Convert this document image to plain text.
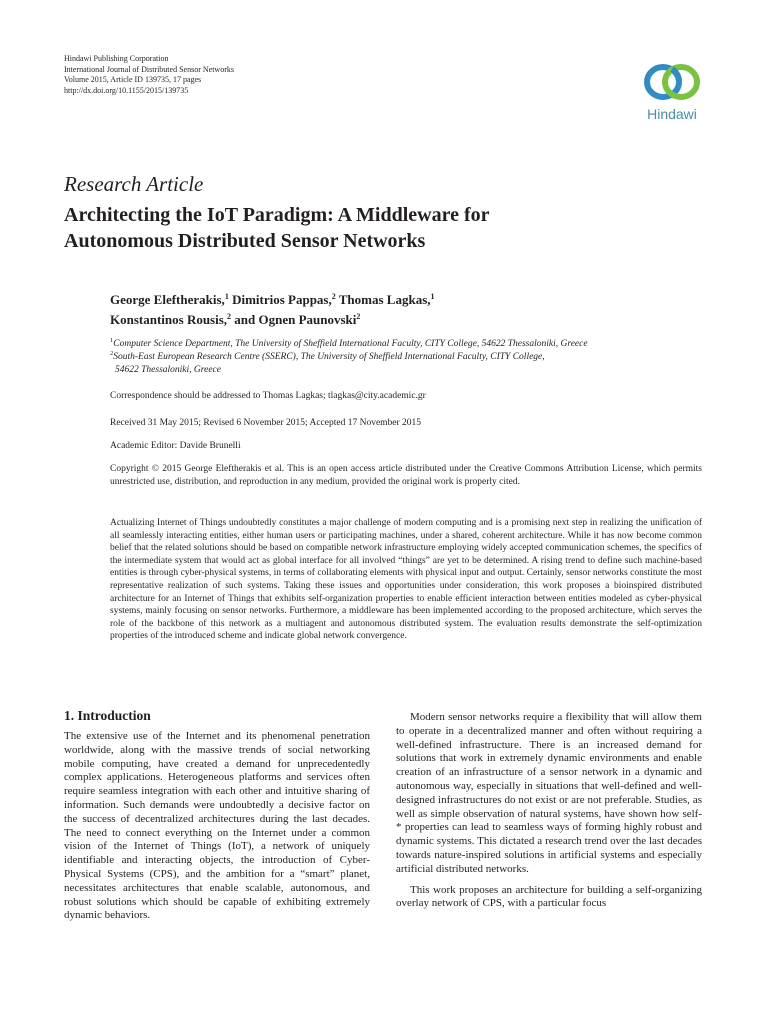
Hindawi Publishing Corporation
International Journal of Distributed Sensor Networks
Volume 2015, Article ID 139735, 17 pages
http://dx.doi.org/10.1155/2015/139735
Hindawi
Research Article
Architecting the IoT Paradigm: A Middleware for
Autonomous Distributed Sensor Networks
George Eleftherakis,$^1$ Dimitrios Pappas,$^2$ Thomas Lagkas,$^1$
Konstantinos Rousis,$^2$ and Ognen Paunovski$^2$
$^1$Computer Science Department, The University of Sheffield International Faculty, CITY College, 54622 Thessaloniki, Greece
$^2$South-East European Research Centre (SSERC), The University of Sheffield International Faculty, CITY College,
54622 Thessaloniki, Greece
Correspondence should be addressed to Thomas Lagkas; tlagkas@city.academic.gr
Received 31 May 2015; Revised 6 November 2015; Accepted 17 November 2015
Academic Editor: Davide Brunelli
Copyright © 2015 George Eleftherakis et al. This is an open access article distributed under the Creative Commons Attribution License, which permits unrestricted use, distribution, and reproduction in any medium, provided the original work is properly cited.
Actualizing Internet of Things undoubtedly constitutes a major challenge of modern computing and is a promising next step in realizing the unification of all seamlessly interacting entities, either human users or participating machines, under a shared, coherent architecture. While it has now become common belief that the related solutions should be based on compatible network infrastructure employing widely accepted communication schemes, the specifics of the intermediate system that would act as global interface for all involved “things” are yet to be determined. A rising trend to define such machine-based entities is through cyber-physical systems, in terms of collaborating elements with physical input and output. Certainly, sensor networks constitute the most representative realization of such systems. Taking these issues and opportunities under consideration, this work proposes a bioinspired distributed architecture for an Internet of Things that exhibits self-organization properties to enable efficient interaction between entities modeled as cyber-physical systems, mainly focusing on sensor networks. Furthermore, a middleware has been implemented according to the proposed architecture, which serves the role of the backbone of this network as a multiagent and autonomous distributed system. The evaluation results demonstrate the self-optimization properties of the introduced scheme and indicate global network convergence.
1. Introduction

The extensive use of the Internet and its phenomenal penetration worldwide, along with the massive trends of social networking mobile computing, have created a demand for unprecedentedly complex applications. Heterogeneous platforms and services often require seamless integration with each other and intuitive sharing of information. Such demands were undoubtedly a decisive factor on the success of decentralized architectures during the last decades. The need to connect everything on the Internet under a common vision of the Internet of Things (IoT), a network of uniquely identifiable and interacting objects, the introduction of Cyber-Physical Systems (CPS), and the ambition for a “smart” planet, necessitates architectures that enable scalable, autonomous, and robust solutions which should be capable of exhibiting extremely dynamic behaviors.

Modern sensor networks require a flexibility that will allow them to operate in a decentralized manner and often without requiring a well-defined infrastructure. There is an increased demand for solutions that work in extremely dynamic environments and enable creation of an infrastructure of a sensor network in a dynamic and autonomous way, especially in situations that well-defined and well-designed infrastructures do not exist or are not preferable. Studies, as well as simple observation of natural systems, have shown how self-* properties can lead to seamless ways of forming highly robust and dynamic systems. This dictated a research trend over the last decades towards nature-inspired solutions in artificial systems and especially artificial distributed networks.

This work proposes an architecture for building a self-organizing overlay network of CPS, with a particular focus
